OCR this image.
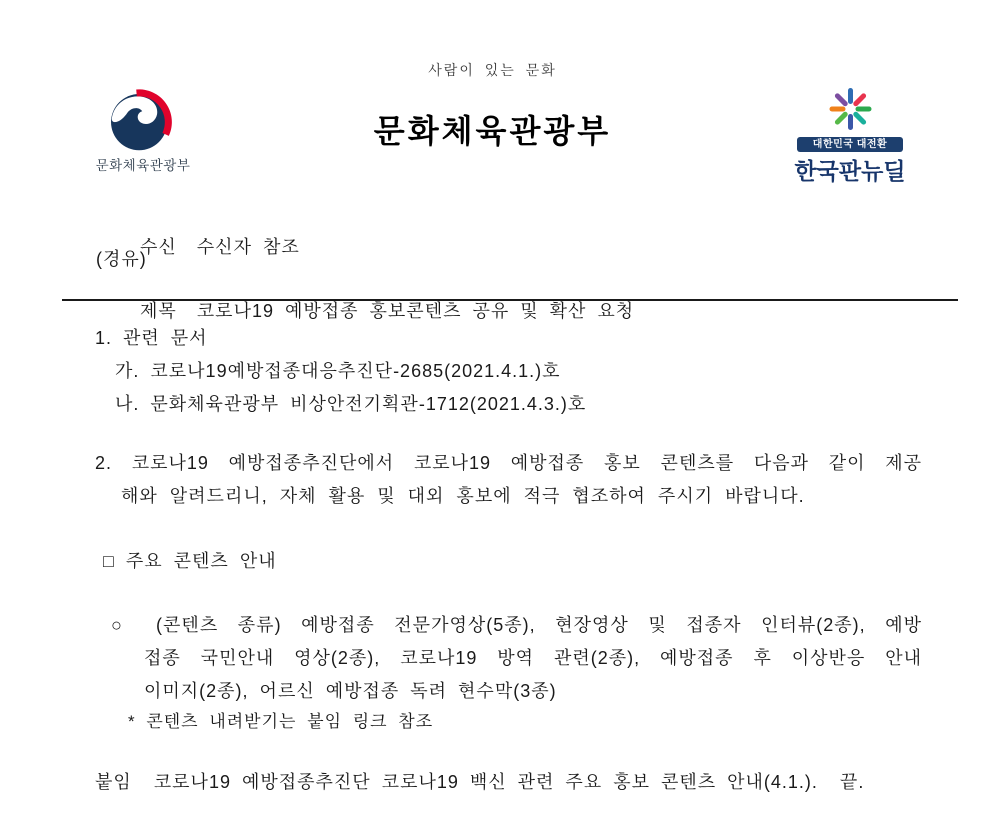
사람이 있는 문화
문화체육관광부
문화체육관광부
대한민국 대전환
한국판뉴딜

수신 수신자 참조

(경유)

제목 코로나19 예방접종 홍보콘텐츠 공유 및 확산 요청

1. 관련 문서
가. 코로나19예방접종대응추진단-2685(2021.4.1.)호
나. 문화체육관광부 비상안전기획관-1712(2021.4.3.)호
2. 코로나19 예방접종추진단에서 코로나19 예방접종 홍보 콘텐츠를 다음과 같이 제공
해와 알려드리니, 자체 활용 및 대외 홍보에 적극 협조하여 주시기 바랍니다.
□ 주요 콘텐츠 안내
○ (콘텐츠 종류) 예방접종 전문가영상(5종), 현장영상 및 접종자 인터뷰(2종), 예방
접종 국민안내 영상(2종), 코로나19 방역 관련(2종), 예방접종 후 이상반응 안내
이미지(2종), 어르신 예방접종 독려 현수막(3종)
* 콘텐츠 내려받기는 붙임 링크 참조
붙임  코로나19 예방접종추진단 코로나19 백신 관련 주요 홍보 콘텐츠 안내(4.1.).  끝.
